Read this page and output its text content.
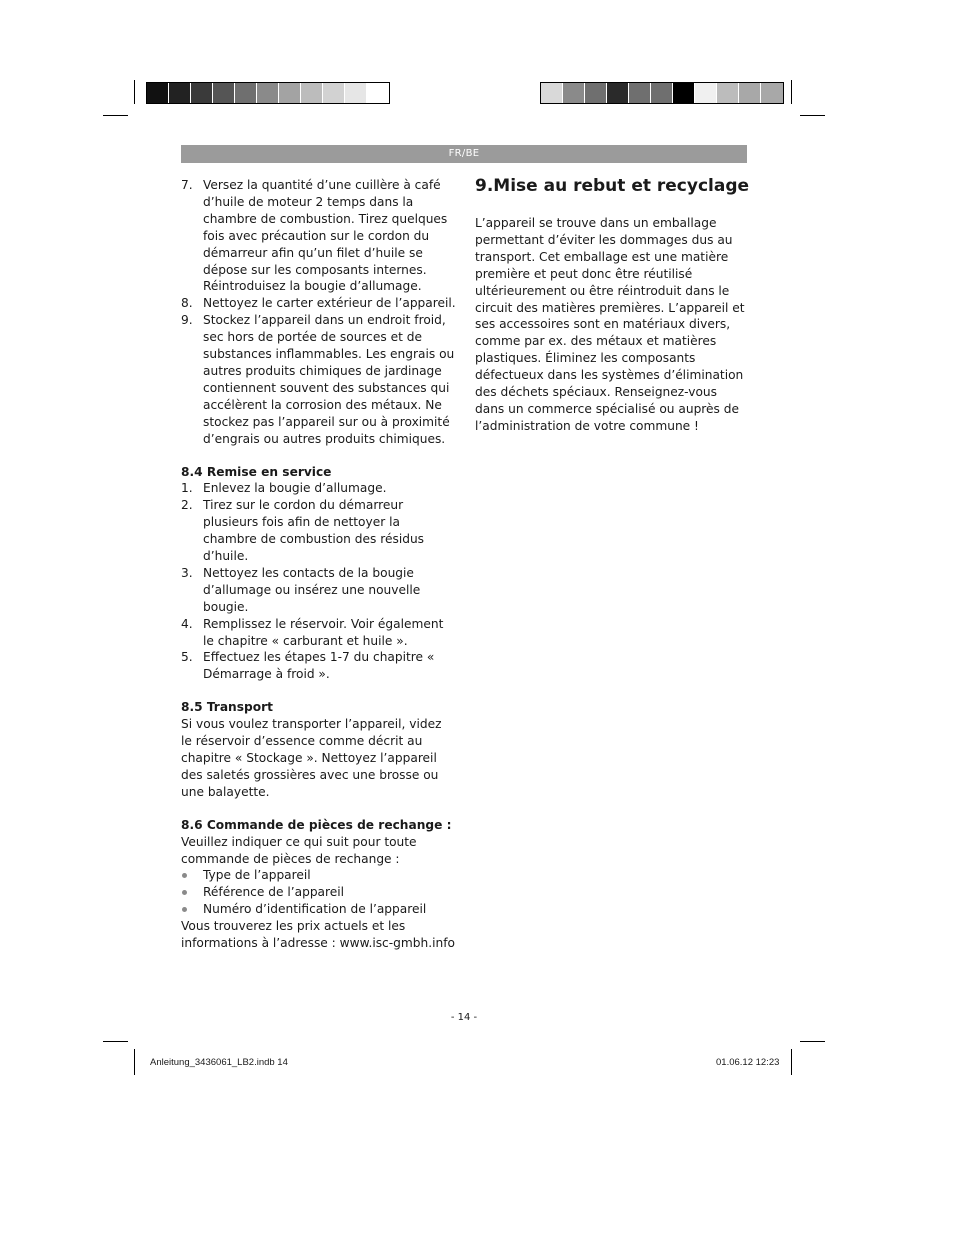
FR/BE
7. Versez la quantité d’une cuillère à café d’huile de moteur 2 temps dans la chambre de combustion. Tirez quelques fois avec précaution sur le cordon du démarreur afin qu’un filet d’huile se dépose sur les composants internes. Réintroduisez la bougie d’allumage.
8. Nettoyez le carter extérieur de l’appareil.
9. Stockez l’appareil dans un endroit froid, sec hors de portée de sources et de substances inflammables. Les engrais ou autres produits chimiques de jardinage contiennent souvent des substances qui accélèrent la corrosion des métaux. Ne stockez pas l’appareil sur ou à proximité d’engrais ou autres produits chimiques.
8.4 Remise en service
1. Enlevez la bougie d’allumage.
2. Tirez sur le cordon du démarreur plusieurs fois afin de nettoyer la chambre de combustion des résidus d’huile.
3. Nettoyez les contacts de la bougie d’allumage ou insérez une nouvelle bougie.
4. Remplissez le réservoir. Voir également le chapitre « carburant et huile ».
5. Effectuez les étapes 1-7 du chapitre « Démarrage à froid ».
8.5 Transport

Si vous voulez transporter l’appareil, videz le réservoir d’essence comme décrit au chapitre « Stockage ». Nettoyez l’appareil des saletés grossières avec une brosse ou une balayette.

8.6 Commande de pièces de rechange :

Veuillez indiquer ce qui suit pour toute commande de pièces de rechange :

Type de l’appareil
Référence de l’appareil
Numéro d’identification de l’appareil

Vous trouverez les prix actuels et les informations à l’adresse : www.isc-gmbh.info

9.Mise au rebut et recyclage

L’appareil se trouve dans un emballage permettant d’éviter les dommages dus au transport. Cet emballage est une matière première et peut donc être réutilisé ultérieurement ou être réintroduit dans le circuit des matières premières. L’appareil et ses accessoires sont en matériaux divers, comme par ex. des métaux et matières plastiques. Éliminez les composants défectueux dans les systèmes d’élimination des déchets spéciaux. Renseignez-vous dans un commerce spécialisé ou auprès de l’administration de votre commune !

- 14 -
Anleitung_3436061_LB2.indb 14	01.06.12 12:23
